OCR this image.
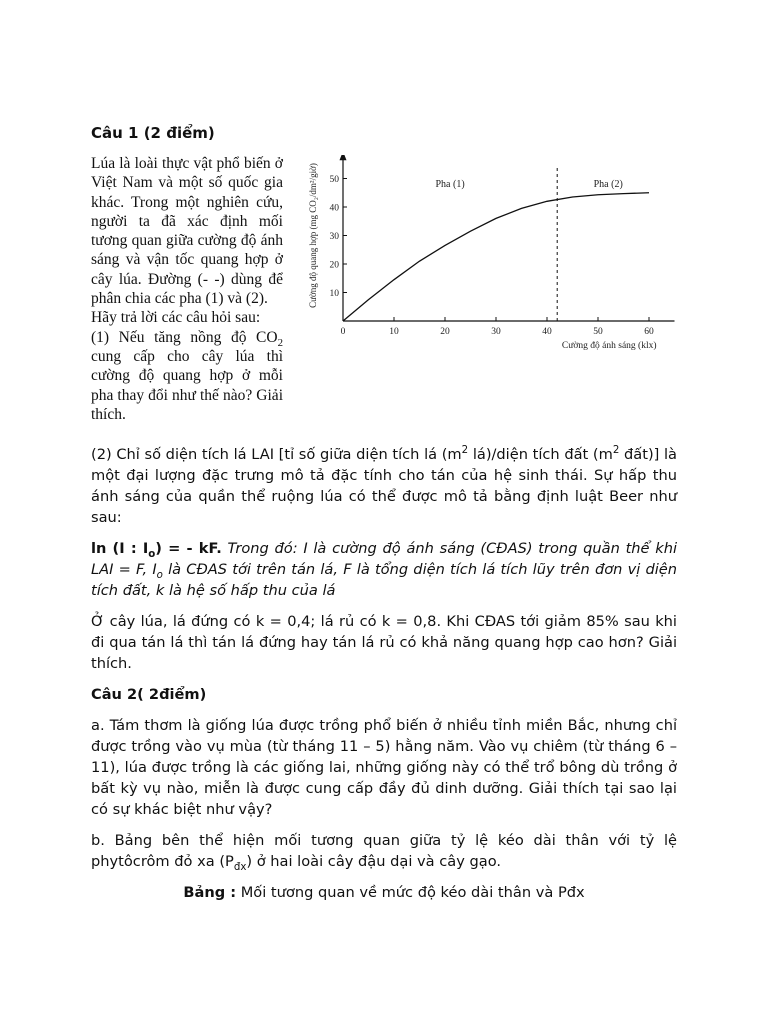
Câu 1 (2 điểm)

Lúa là loài thực vật phổ biến ở Việt Nam và một số quốc gia khác. Trong một nghiên cứu, người ta đã xác định mối tương quan giữa cường độ ánh sáng và vận tốc quang hợp ở cây lúa. Đường (- -) dùng để phân chia các pha (1) và (2).

Hãy trả lời các câu hỏi sau:

(1) Nếu tăng nồng độ $CO_2$ cung cấp cho cây lúa thì cường độ quang hợp ở mỗi pha thay đổi như thế nào? Giải thích.

0	10	20	30	40	50	60
10
20
30
40
50	Pha (1)	Pha (2)
Cường độ ánh sáng (klx)
Cường độ quang hợp (mg CO₂/dm²/giờ)

(2) Chỉ số diện tích lá LAI [tỉ số giữa diện tích lá ($m^2$ lá)/diện tích đất ($m^2$ đất)] là một đại lượng đặc trưng mô tả đặc tính cho tán của hệ sinh thái. Sự hấp thu ánh sáng của quần thể ruộng lúa có thể được mô tả bằng định luật Beer như sau:

ln (I : $I_o$) = - kF. Trong đó: I là cường độ ánh sáng (CĐAS) trong quần thể khi LAI = F, $I_o$ là CĐAS tới trên tán lá, F là tổng diện tích lá tích lũy trên đơn vị diện tích đất, k là hệ số hấp thu của lá

Ở cây lúa, lá đứng có k = 0,4; lá rủ có k = 0,8. Khi CĐAS tới giảm 85% sau khi đi qua tán lá thì tán lá đứng hay tán lá rủ có khả năng quang hợp cao hơn? Giải thích.

Câu 2( 2điểm)

a. Tám thơm là giống lúa được trồng phổ biến ở nhiều tỉnh miền Bắc, nhưng chỉ được trồng vào vụ mùa (từ tháng 11 – 5) hằng năm. Vào vụ chiêm (từ tháng 6 – 11), lúa được trồng là các giống lai, những giống này có thể trổ bông dù trồng ở bất kỳ vụ nào, miễn là được cung cấp đầy đủ dinh dưỡng. Giải thích tại sao lại có sự khác biệt như vậy?

b. Bảng bên thể hiện mối tương quan giữa tỷ lệ kéo dài thân với tỷ lệ phytôcrôm đỏ xa $(P_{đx})$ ở hai loài cây đậu dại và cây gạo.

Bảng : Mối tương quan về mức độ kéo dài thân và Pđx
